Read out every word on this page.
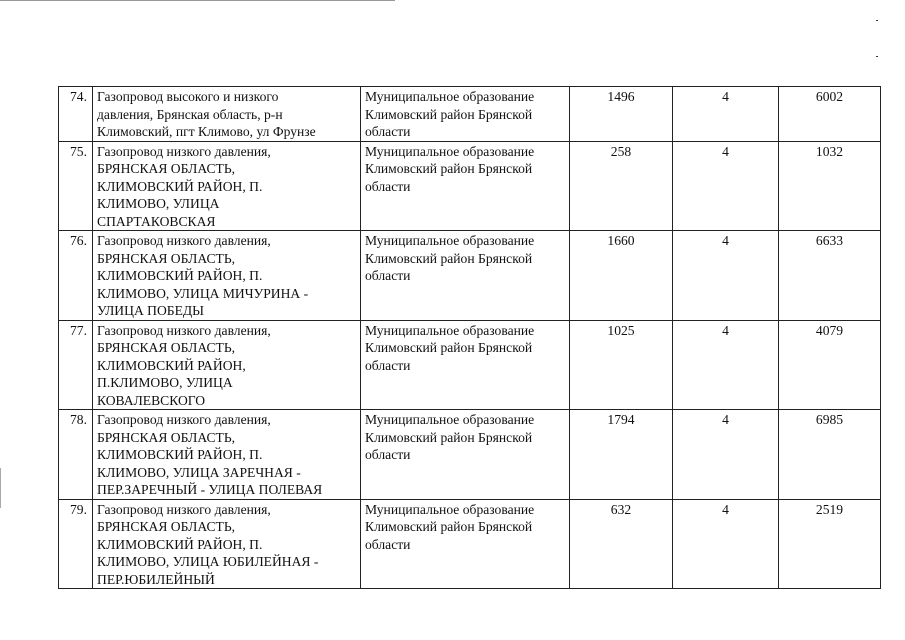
74.	Газопровод высокого и низкого
давления, Брянская область, р-н
Климовский, пгт Климово, ул Фрунзе	Муниципальное образование
Климовский район Брянской
области	1496	4	6002
75.	Газопровод низкого давления,
БРЯНСКАЯ ОБЛАСТЬ,
КЛИМОВСКИЙ РАЙОН, П.
КЛИМОВО, УЛИЦА
СПАРТАКОВСКАЯ	Муниципальное образование
Климовский район Брянской
области	258	4	1032
76.	Газопровод низкого давления,
БРЯНСКАЯ ОБЛАСТЬ,
КЛИМОВСКИЙ РАЙОН, П.
КЛИМОВО, УЛИЦА МИЧУРИНА -
УЛИЦА ПОБЕДЫ	Муниципальное образование
Климовский район Брянской
области	1660	4	6633
77.	Газопровод низкого давления,
БРЯНСКАЯ ОБЛАСТЬ,
КЛИМОВСКИЙ РАЙОН,
П.КЛИМОВО, УЛИЦА
КОВАЛЕВСКОГО	Муниципальное образование
Климовский район Брянской
области	1025	4	4079
78.	Газопровод низкого давления,
БРЯНСКАЯ ОБЛАСТЬ,
КЛИМОВСКИЙ РАЙОН, П.
КЛИМОВО, УЛИЦА ЗАРЕЧНАЯ -
ПЕР.ЗАРЕЧНЫЙ - УЛИЦА ПОЛЕВАЯ	Муниципальное образование
Климовский район Брянской
области	1794	4	6985
79.	Газопровод низкого давления,
БРЯНСКАЯ ОБЛАСТЬ,
КЛИМОВСКИЙ РАЙОН, П.
КЛИМОВО, УЛИЦА ЮБИЛЕЙНАЯ -
ПЕР.ЮБИЛЕЙНЫЙ	Муниципальное образование
Климовский район Брянской
области	632	4	2519
